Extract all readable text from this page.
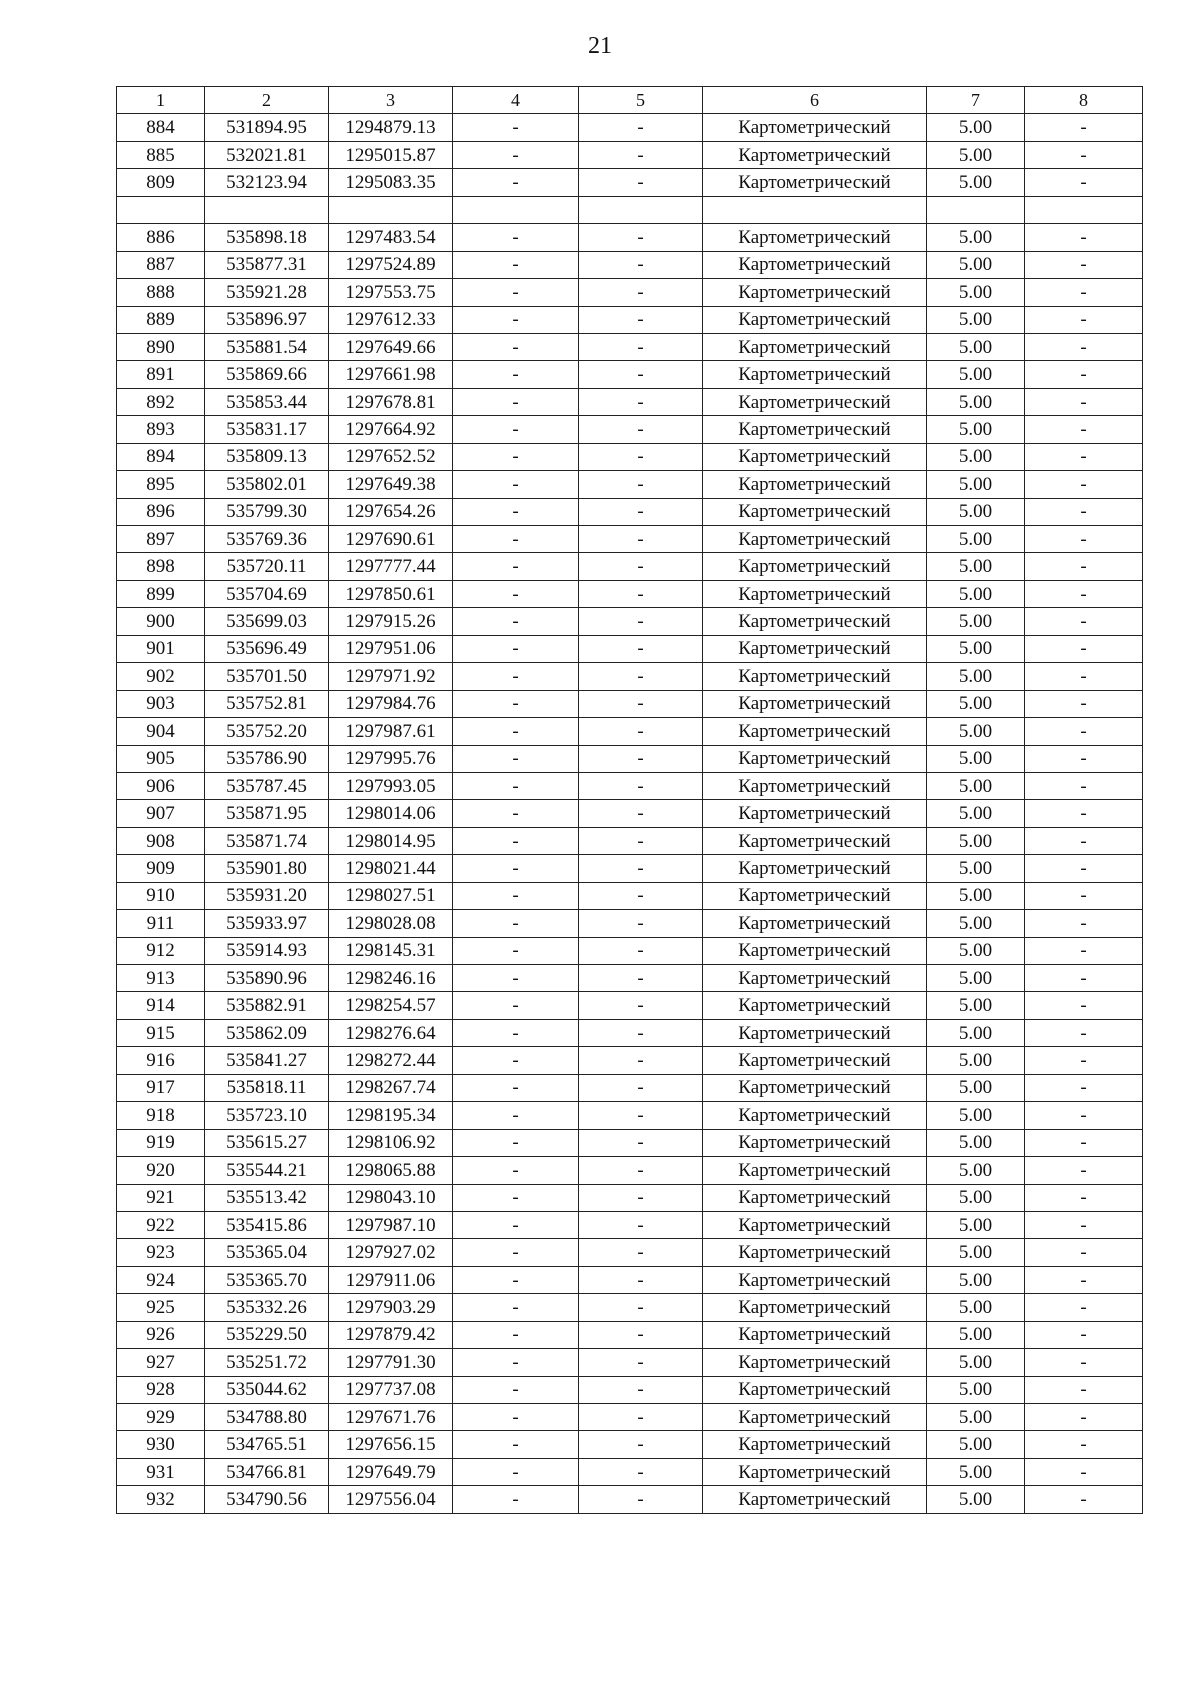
21
1	2	3	4	5	6	7	8
884	531894.95	1294879.13	-	-	Картометрический	5.00	-
885	532021.81	1295015.87	-	-	Картометрический	5.00	-
809	532123.94	1295083.35	-	-	Картометрический	5.00	-

886	535898.18	1297483.54	-	-	Картометрический	5.00	-
887	535877.31	1297524.89	-	-	Картометрический	5.00	-
888	535921.28	1297553.75	-	-	Картометрический	5.00	-
889	535896.97	1297612.33	-	-	Картометрический	5.00	-
890	535881.54	1297649.66	-	-	Картометрический	5.00	-
891	535869.66	1297661.98	-	-	Картометрический	5.00	-
892	535853.44	1297678.81	-	-	Картометрический	5.00	-
893	535831.17	1297664.92	-	-	Картометрический	5.00	-
894	535809.13	1297652.52	-	-	Картометрический	5.00	-
895	535802.01	1297649.38	-	-	Картометрический	5.00	-
896	535799.30	1297654.26	-	-	Картометрический	5.00	-
897	535769.36	1297690.61	-	-	Картометрический	5.00	-
898	535720.11	1297777.44	-	-	Картометрический	5.00	-
899	535704.69	1297850.61	-	-	Картометрический	5.00	-
900	535699.03	1297915.26	-	-	Картометрический	5.00	-
901	535696.49	1297951.06	-	-	Картометрический	5.00	-
902	535701.50	1297971.92	-	-	Картометрический	5.00	-
903	535752.81	1297984.76	-	-	Картометрический	5.00	-
904	535752.20	1297987.61	-	-	Картометрический	5.00	-
905	535786.90	1297995.76	-	-	Картометрический	5.00	-
906	535787.45	1297993.05	-	-	Картометрический	5.00	-
907	535871.95	1298014.06	-	-	Картометрический	5.00	-
908	535871.74	1298014.95	-	-	Картометрический	5.00	-
909	535901.80	1298021.44	-	-	Картометрический	5.00	-
910	535931.20	1298027.51	-	-	Картометрический	5.00	-
911	535933.97	1298028.08	-	-	Картометрический	5.00	-
912	535914.93	1298145.31	-	-	Картометрический	5.00	-
913	535890.96	1298246.16	-	-	Картометрический	5.00	-
914	535882.91	1298254.57	-	-	Картометрический	5.00	-
915	535862.09	1298276.64	-	-	Картометрический	5.00	-
916	535841.27	1298272.44	-	-	Картометрический	5.00	-
917	535818.11	1298267.74	-	-	Картометрический	5.00	-
918	535723.10	1298195.34	-	-	Картометрический	5.00	-
919	535615.27	1298106.92	-	-	Картометрический	5.00	-
920	535544.21	1298065.88	-	-	Картометрический	5.00	-
921	535513.42	1298043.10	-	-	Картометрический	5.00	-
922	535415.86	1297987.10	-	-	Картометрический	5.00	-
923	535365.04	1297927.02	-	-	Картометрический	5.00	-
924	535365.70	1297911.06	-	-	Картометрический	5.00	-
925	535332.26	1297903.29	-	-	Картометрический	5.00	-
926	535229.50	1297879.42	-	-	Картометрический	5.00	-
927	535251.72	1297791.30	-	-	Картометрический	5.00	-
928	535044.62	1297737.08	-	-	Картометрический	5.00	-
929	534788.80	1297671.76	-	-	Картометрический	5.00	-
930	534765.51	1297656.15	-	-	Картометрический	5.00	-
931	534766.81	1297649.79	-	-	Картометрический	5.00	-
932	534790.56	1297556.04	-	-	Картометрический	5.00	-
